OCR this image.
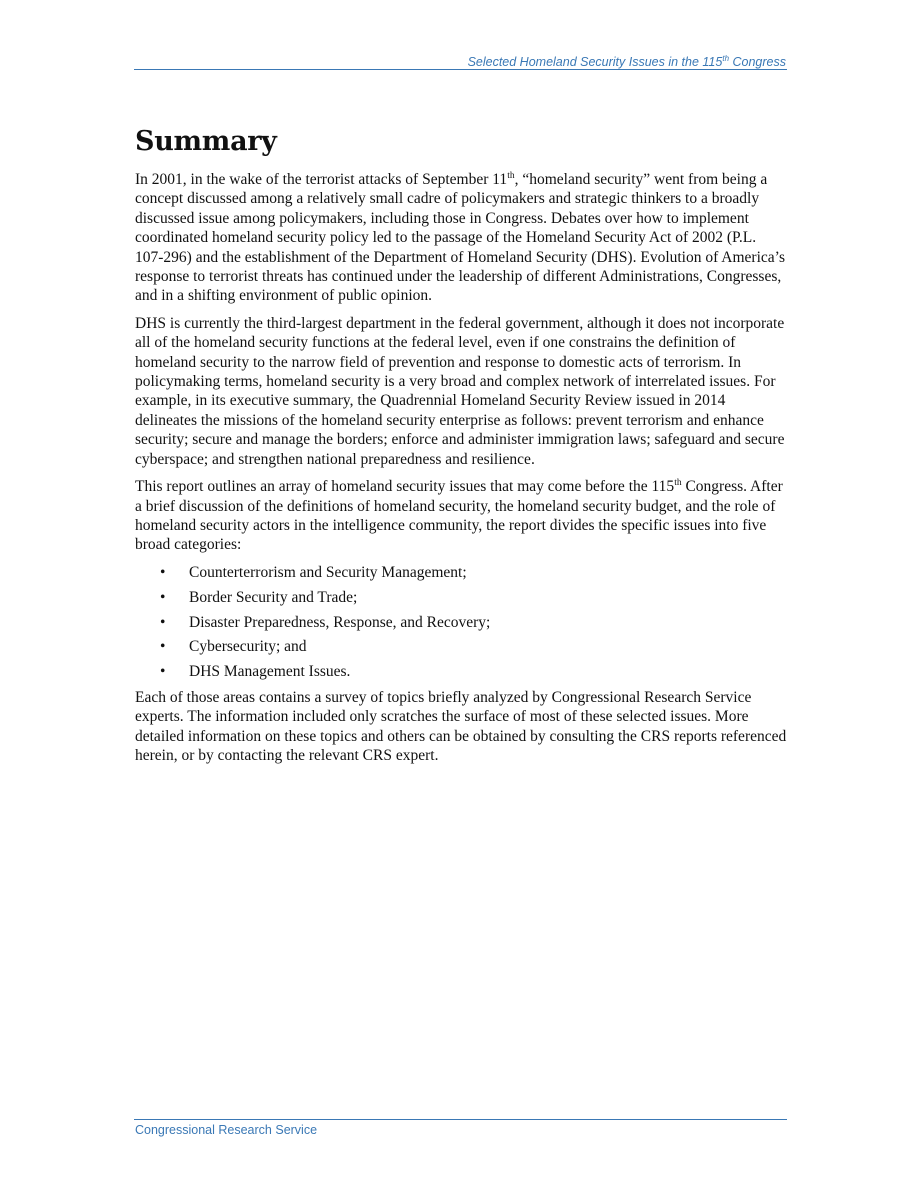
Selected Homeland Security Issues in the 115th Congress
Summary

In 2001, in the wake of the terrorist attacks of September 11th, “homeland security” went from being a concept discussed among a relatively small cadre of policymakers and strategic thinkers to a broadly discussed issue among policymakers, including those in Congress. Debates over how to implement coordinated homeland security policy led to the passage of the Homeland Security Act of 2002 (P.L. 107-296) and the establishment of the Department of Homeland Security (DHS). Evolution of America’s response to terrorist threats has continued under the leadership of different Administrations, Congresses, and in a shifting environment of public opinion.

DHS is currently the third-largest department in the federal government, although it does not incorporate all of the homeland security functions at the federal level, even if one constrains the definition of homeland security to the narrow field of prevention and response to domestic acts of terrorism. In policymaking terms, homeland security is a very broad and complex network of interrelated issues. For example, in its executive summary, the Quadrennial Homeland Security Review issued in 2014 delineates the missions of the homeland security enterprise as follows: prevent terrorism and enhance security; secure and manage the borders; enforce and administer immigration laws; safeguard and secure cyberspace; and strengthen national preparedness and resilience.

This report outlines an array of homeland security issues that may come before the 115th Congress. After a brief discussion of the definitions of homeland security, the homeland security budget, and the role of homeland security actors in the intelligence community, the report divides the specific issues into five broad categories:

• Counterterrorism and Security Management;
• Border Security and Trade;
• Disaster Preparedness, Response, and Recovery;
• Cybersecurity; and
• DHS Management Issues.

Each of those areas contains a survey of topics briefly analyzed by Congressional Research Service experts. The information included only scratches the surface of most of these selected issues. More detailed information on these topics and others can be obtained by consulting the CRS reports referenced herein, or by contacting the relevant CRS expert.

Congressional Research Service
